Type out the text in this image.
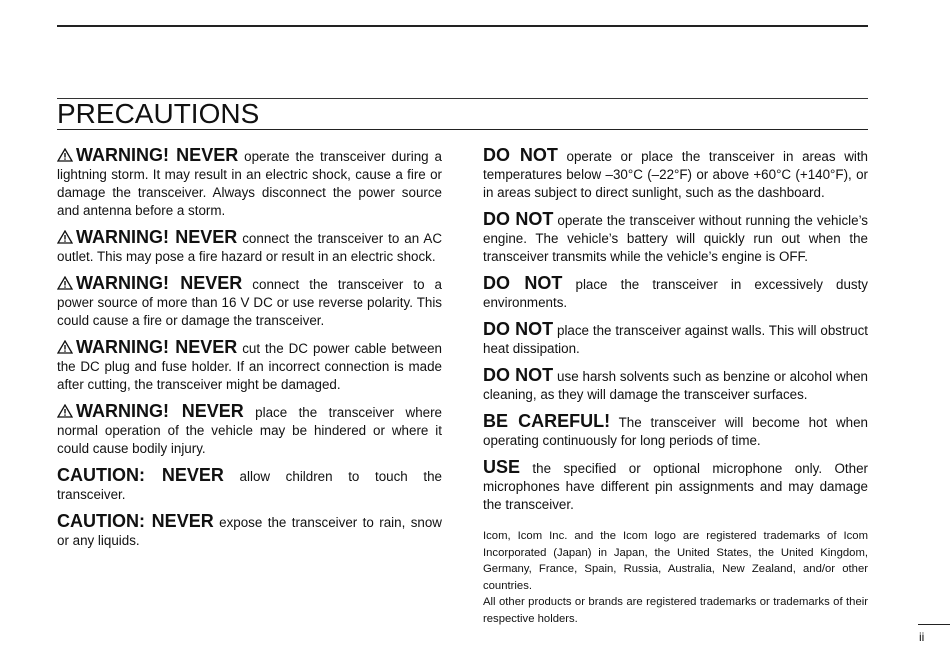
PRECAUTIONS

WARNING! NEVER operate the transceiver during a lightning storm. It may result in an electric shock, cause a fire or damage the transceiver. Always disconnect the power source and antenna before a storm.

WARNING! NEVER connect the transceiver to an AC outlet. This may pose a fire hazard or result in an electric shock.

WARNING! NEVER connect the transceiver to a power source of more than 16 V DC or use reverse polarity. This could cause a fire or damage the transceiver.

WARNING! NEVER cut the DC power cable between the DC plug and fuse holder. If an incorrect connection is made after cutting, the transceiver might be damaged.

WARNING! NEVER place the transceiver where normal operation of the vehicle may be hindered or where it could cause bodily injury.

CAUTION: NEVER allow children to touch the transceiver.

CAUTION: NEVER expose the transceiver to rain, snow or any liquids.

DO NOT operate or place the transceiver in areas with temperatures below –30°C (–22°F) or above +60°C (+140°F), or in areas subject to direct sunlight, such as the dashboard.

DO NOT operate the transceiver without running the vehicle’s engine. The vehicle’s battery will quickly run out when the transceiver transmits while the vehicle’s engine is OFF.

DO NOT place the transceiver in excessively dusty environments.

DO NOT place the transceiver against walls. This will obstruct heat dissipation.

DO NOT use harsh solvents such as benzine or alcohol when cleaning, as they will damage the transceiver surfaces.

BE CAREFUL! The transceiver will become hot when operating continuously for long periods of time.

USE the specified or optional microphone only. Other microphones have different pin assignments and may damage the transceiver.

Icom, Icom Inc. and the Icom logo are registered trademarks of Icom Incorporated (Japan) in Japan, the United States, the United Kingdom, Germany, France, Spain, Russia, Australia, New Zealand, and/or other countries.

All other products or brands are registered trademarks or trademarks of their respective holders.

ii
